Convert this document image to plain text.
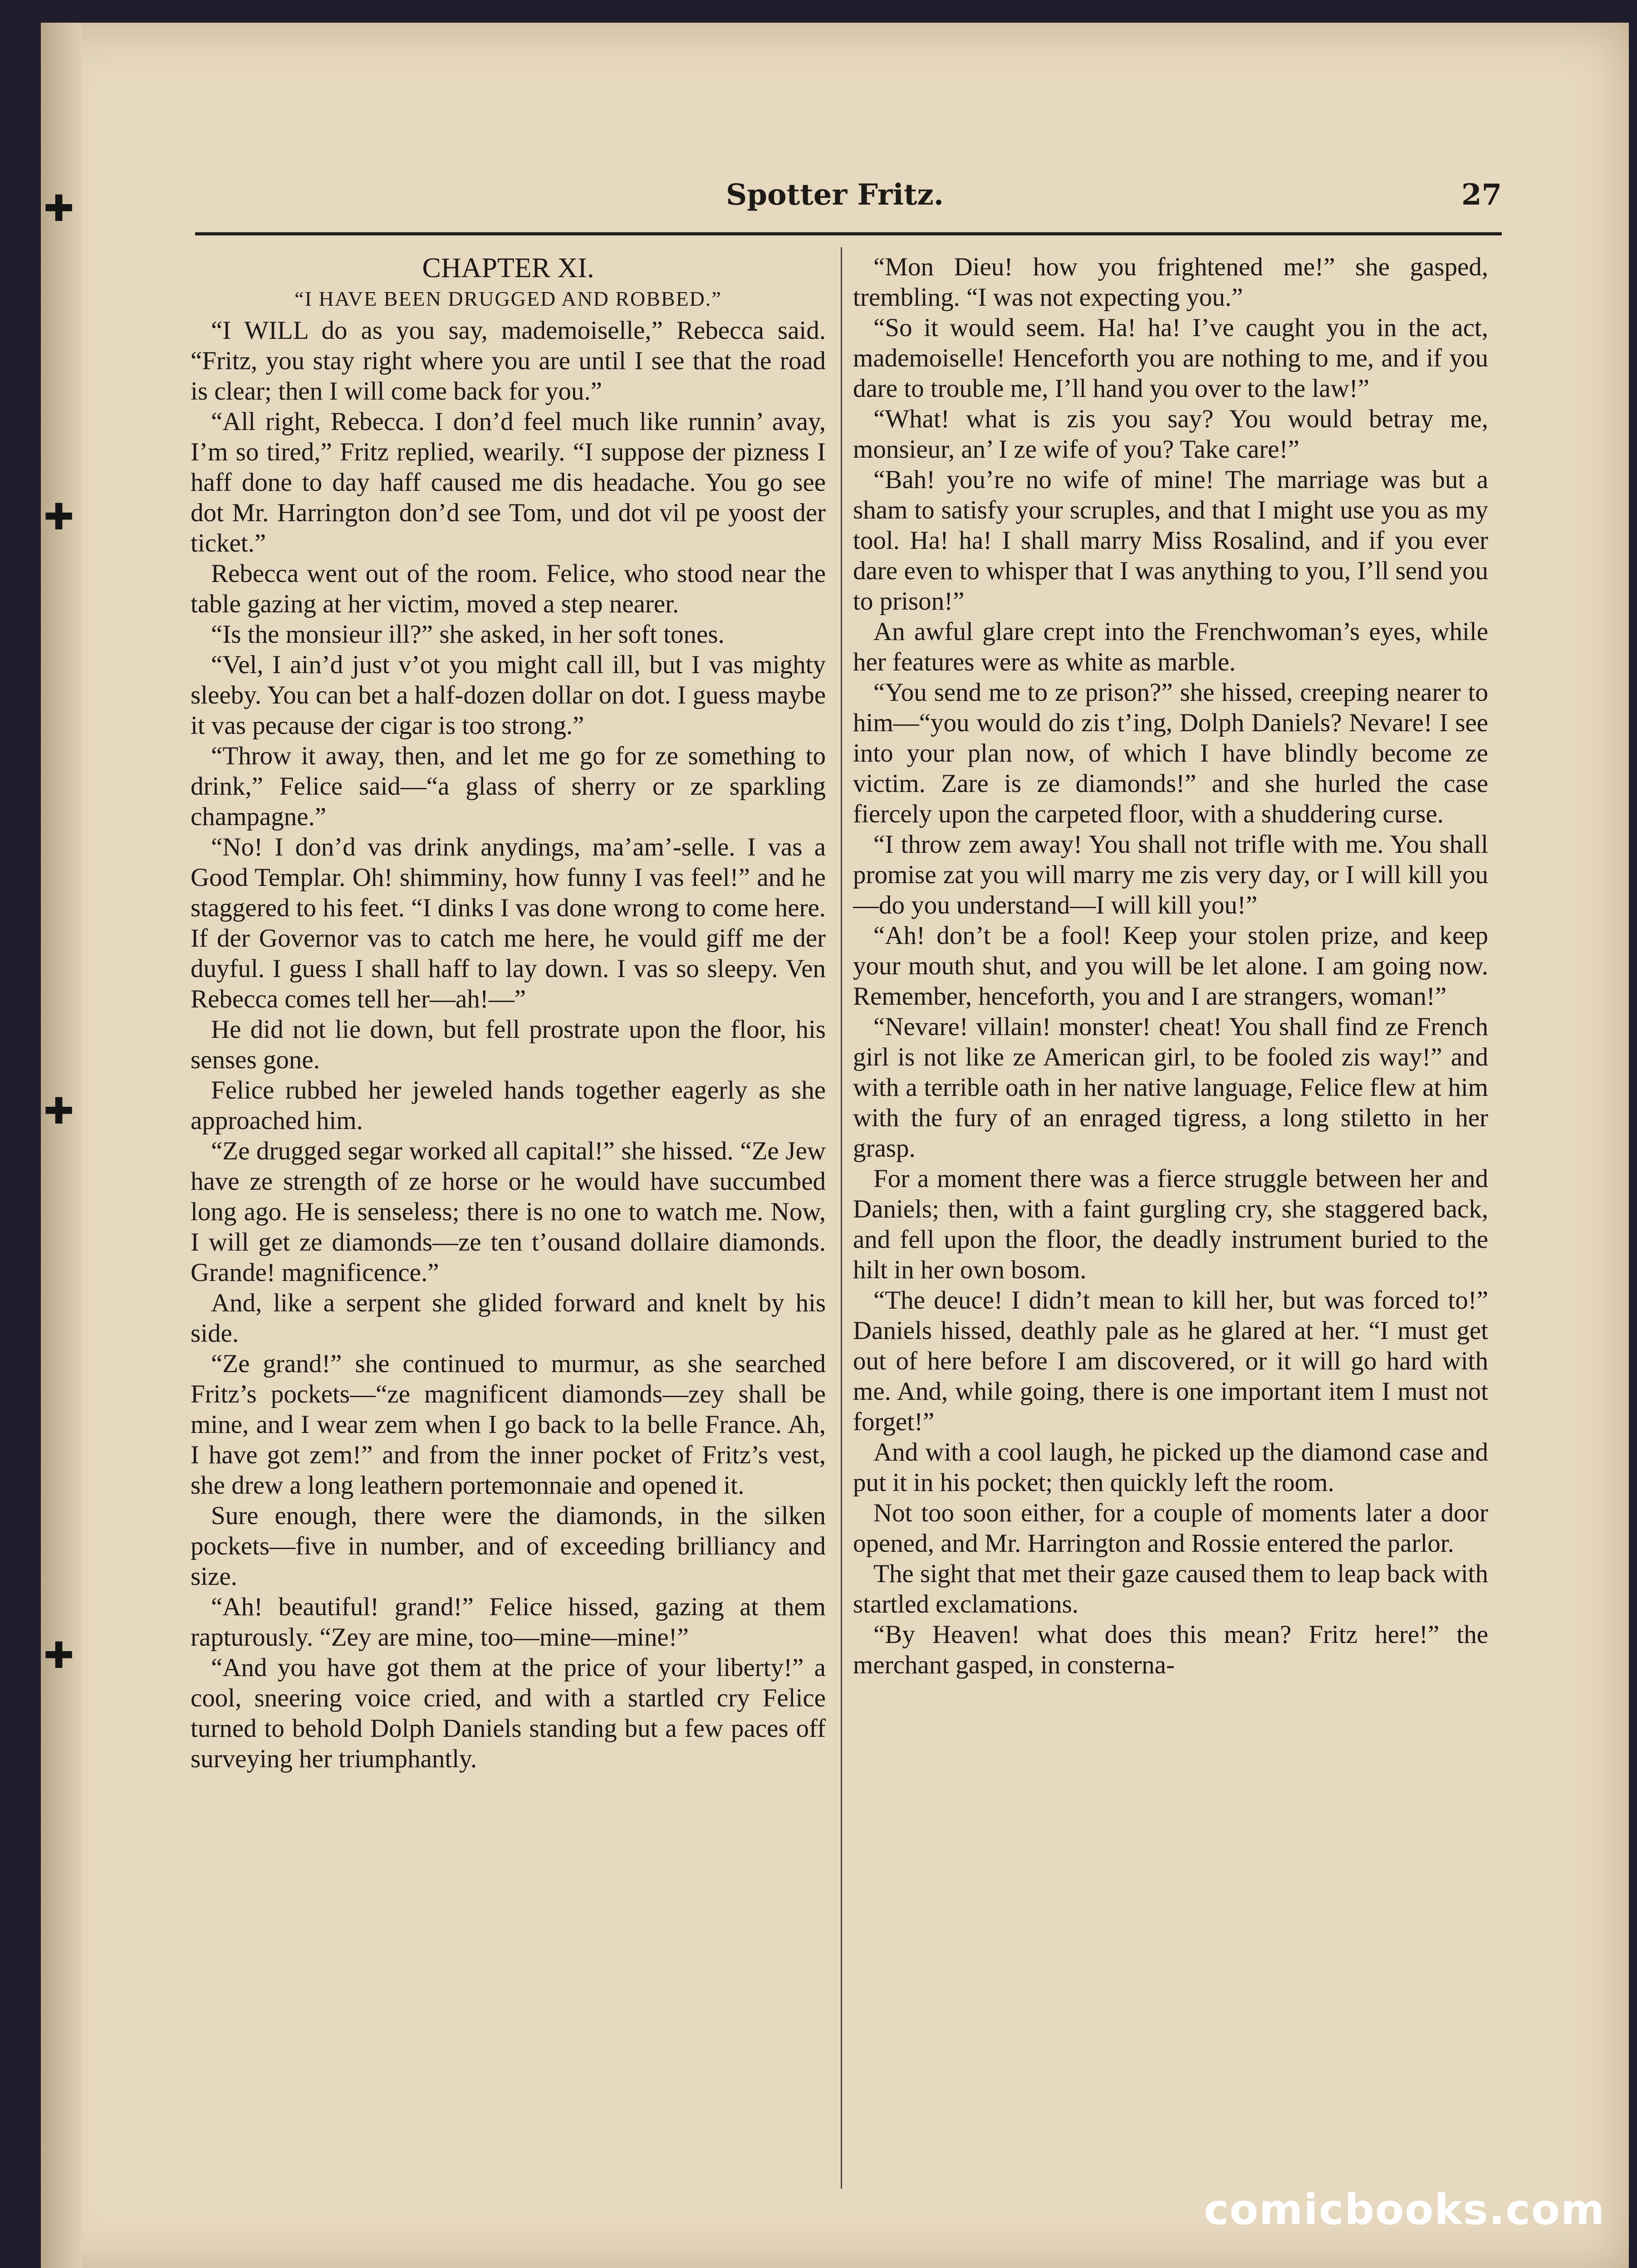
✚
✚
✚
✚
Spotter Fritz.	27

CHAPTER XI.

“I HAVE BEEN DRUGGED AND ROBBED.”

“I WILL do as you say, mademoiselle,” Rebecca said. “Fritz, you stay right where you are until I see that the road is clear; then I will come back for you.”

“All right, Rebecca. I don’d feel much like runnin’ avay, I’m so tired,” Fritz replied, wearily. “I suppose der pizness I haff done to day haff caused me dis headache. You go see dot Mr. Harrington don’d see Tom, und dot vil pe yoost der ticket.”

Rebecca went out of the room. Felice, who stood near the table gazing at her victim, moved a step nearer.

“Is the monsieur ill?” she asked, in her soft tones.

“Vel, I ain’d just v’ot you might call ill, but I vas mighty sleeby. You can bet a half-dozen dollar on dot. I guess maybe it vas pecause der cigar is too strong.”

“Throw it away, then, and let me go for ze something to drink,” Felice said—“a glass of sherry or ze sparkling champagne.”

“No! I don’d vas drink anydings, ma’am’-selle. I vas a Good Templar. Oh! shimminy, how funny I vas feel!” and he staggered to his feet. “I dinks I vas done wrong to come here. If der Governor vas to catch me here, he vould giff me der duyful. I guess I shall haff to lay down. I vas so sleepy. Ven Rebecca comes tell her—ah!—”

He did not lie down, but fell prostrate upon the floor, his senses gone.

Felice rubbed her jeweled hands together eagerly as she approached him.

“Ze drugged segar worked all capital!” she hissed. “Ze Jew have ze strength of ze horse or he would have succumbed long ago. He is senseless; there is no one to watch me. Now, I will get ze diamonds—ze ten t’ousand dollaire diamonds. Grande! magnificence.”

And, like a serpent she glided forward and knelt by his side.

“Ze grand!” she continued to murmur, as she searched Fritz’s pockets—“ze magnificent diamonds—zey shall be mine, and I wear zem when I go back to la belle France. Ah, I have got zem!” and from the inner pocket of Fritz’s vest, she drew a long leathern portemonnaie and opened it.

Sure enough, there were the diamonds, in the silken pockets—five in number, and of exceeding brilliancy and size.

“Ah! beautiful! grand!” Felice hissed, gazing at them rapturously. “Zey are mine, too—mine—mine!”

“And you have got them at the price of your liberty!” a cool, sneering voice cried, and with a startled cry Felice turned to behold Dolph Daniels standing but a few paces off surveying her triumphantly.

“Mon Dieu! how you frightened me!” she gasped, trembling. “I was not expecting you.”

“So it would seem. Ha! ha! I’ve caught you in the act, mademoiselle! Henceforth you are nothing to me, and if you dare to trouble me, I’ll hand you over to the law!”

“What! what is zis you say? You would betray me, monsieur, an’ I ze wife of you? Take care!”

“Bah! you’re no wife of mine! The marriage was but a sham to satisfy your scruples, and that I might use you as my tool. Ha! ha! I shall marry Miss Rosalind, and if you ever dare even to whisper that I was anything to you, I’ll send you to prison!”

An awful glare crept into the Frenchwoman’s eyes, while her features were as white as marble.

“You send me to ze prison?” she hissed, creeping nearer to him—“you would do zis t’ing, Dolph Daniels? Nevare! I see into your plan now, of which I have blindly become ze victim. Zare is ze diamonds!” and she hurled the case fiercely upon the carpeted floor, with a shuddering curse.

“I throw zem away! You shall not trifle with me. You shall promise zat you will marry me zis very day, or I will kill you—do you understand—I will kill you!”

“Ah! don’t be a fool! Keep your stolen prize, and keep your mouth shut, and you will be let alone. I am going now. Remember, henceforth, you and I are strangers, woman!”

“Nevare! villain! monster! cheat! You shall find ze French girl is not like ze American girl, to be fooled zis way!” and with a terrible oath in her native language, Felice flew at him with the fury of an enraged tigress, a long stiletto in her grasp.

For a moment there was a fierce struggle between her and Daniels; then, with a faint gurgling cry, she staggered back, and fell upon the floor, the deadly instrument buried to the hilt in her own bosom.

“The deuce! I didn’t mean to kill her, but was forced to!” Daniels hissed, deathly pale as he glared at her. “I must get out of here before I am discovered, or it will go hard with me. And, while going, there is one important item I must not forget!”

And with a cool laugh, he picked up the diamond case and put it in his pocket; then quickly left the room.

Not too soon either, for a couple of moments later a door opened, and Mr. Harrington and Rossie entered the parlor.

The sight that met their gaze caused them to leap back with startled exclamations.

“By Heaven! what does this mean? Fritz here!” the merchant gasped, in consterna-

comicbooks.com
